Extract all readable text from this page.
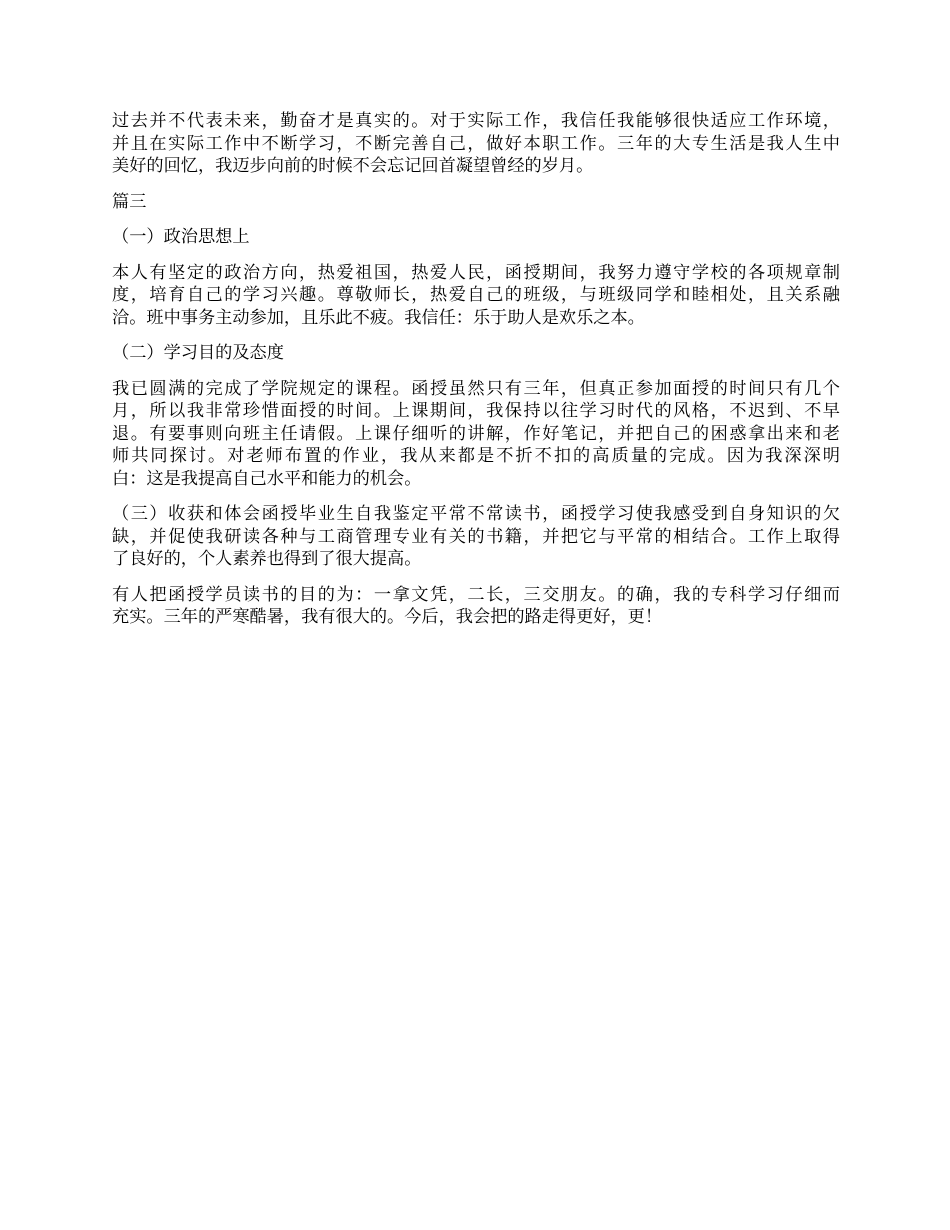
过去并不代表未来，勤奋才是真实的。对于实际工作，我信任我能够很快适应工作环境，
并且在实际工作中不断学习，不断完善自己，做好本职工作。三年的大专生活是我人生中
美好的回忆，我迈步向前的时候不会忘记回首凝望曾经的岁月。
篇三
（一）政治思想上
本人有坚定的政治方向，热爱祖国，热爱人民，函授期间，我努力遵守学校的各项规章制
度，培育自己的学习兴趣。尊敬师长，热爱自己的班级，与班级同学和睦相处，且关系融
洽。班中事务主动参加，且乐此不疲。我信任：乐于助人是欢乐之本。
（二）学习目的及态度
我已圆满的完成了学院规定的课程。函授虽然只有三年，但真正参加面授的时间只有几个
月，所以我非常珍惜面授的时间。上课期间，我保持以往学习时代的风格，不迟到、不早
退。有要事则向班主任请假。上课仔细听的讲解，作好笔记，并把自己的困惑拿出来和老
师共同探讨。对老师布置的作业，我从来都是不折不扣的高质量的完成。因为我深深明
白：这是我提高自己水平和能力的机会。
（三）收获和体会函授毕业生自我鉴定平常不常读书，函授学习使我感受到自身知识的欠
缺，并促使我研读各种与工商管理专业有关的书籍，并把它与平常的相结合。工作上取得
了良好的，个人素养也得到了很大提高。
有人把函授学员读书的目的为：一拿文凭，二长，三交朋友。的确，我的专科学习仔细而
充实。三年的严寒酷暑，我有很大的。今后，我会把的路走得更好，更！
